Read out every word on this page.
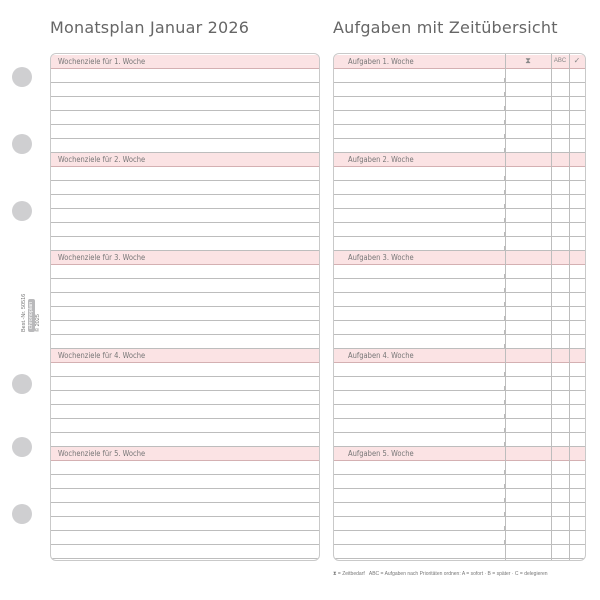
Best.-Nr. 50516 chronoplan © 2025
Monatsplan Januar 2026	Aufgaben mit Zeitübersicht
Wochenziele für 1. Woche
Wochenziele für 2. Woche
Wochenziele für 3. Woche
Wochenziele für 4. Woche
Wochenziele für 5. Woche
Aufgaben 1. Woche
Aufgaben 2. Woche
Aufgaben 3. Woche
Aufgaben 4. Woche
Aufgaben 5. Woche
⧗	ABC ✓
⧗ = Zeitbedarf ABC = Aufgaben nach Prioritäten ordnen: A = sofort · B = später · C = delegieren
